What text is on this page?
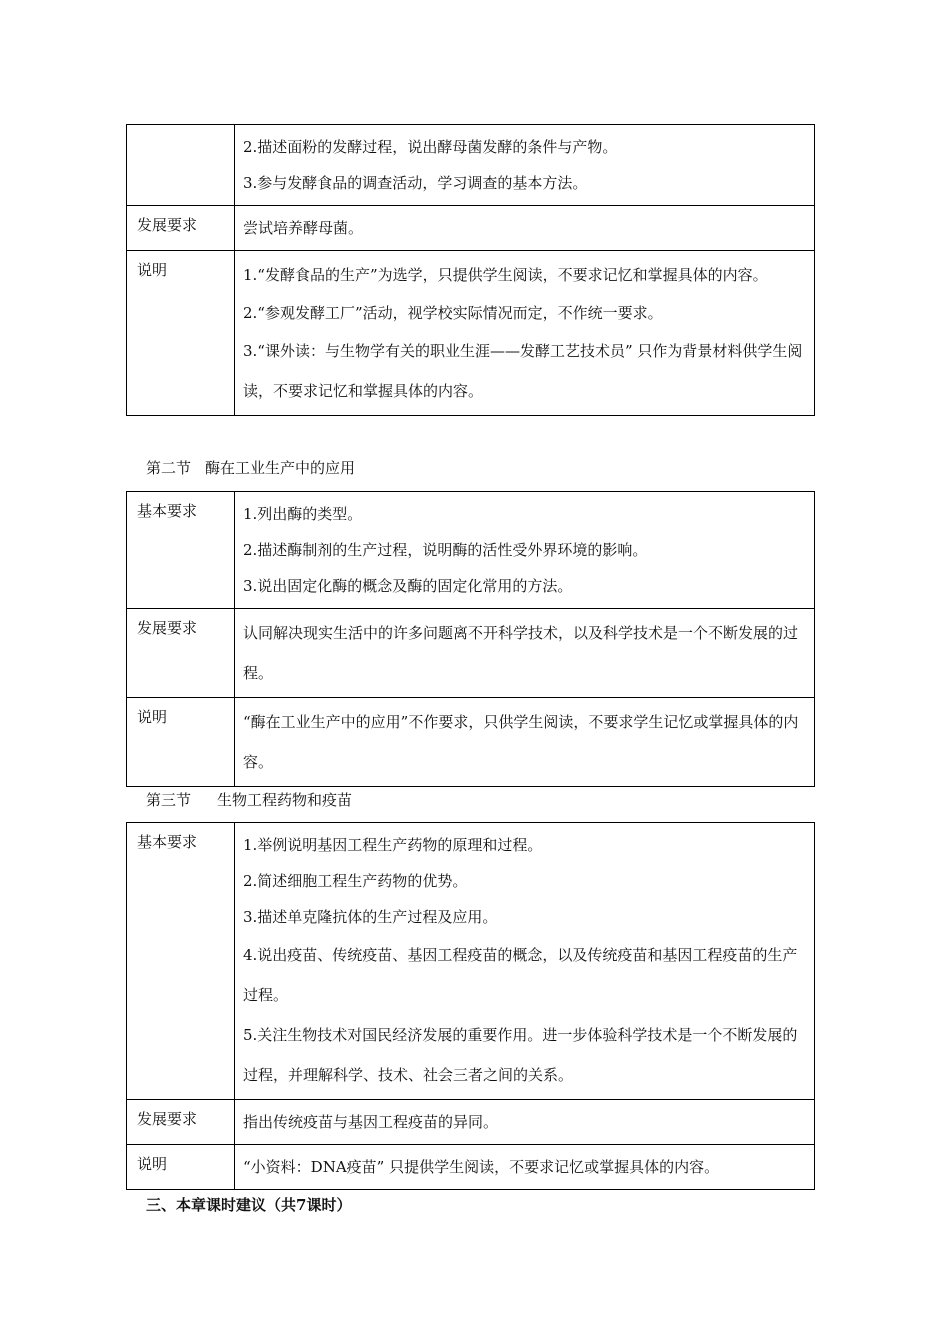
	2.描述面粉的发酵过程，说出酵母菌发酵的条件与产物。

3.参与发酵食品的调查活动，学习调查的基本方法。

发展要求	尝试培养酵母菌。

说明	1.“发酵食品的生产”为选学，只提供学生阅读，不要求记忆和掌握具体的内容。

2.“参观发酵工厂”活动，视学校实际情况而定，不作统一要求。

3.“课外读：与生物学有关的职业生涯——发酵工艺技术员” 只作为背景材料供学生阅读，不要求记忆和掌握具体的内容。

第二节 酶在工业生产中的应用

基本要求	1.列出酶的类型。

2.描述酶制剂的生产过程，说明酶的活性受外界环境的影响。

3.说出固定化酶的概念及酶的固定化常用的方法。

发展要求	认同解决现实生活中的许多问题离不开科学技术，以及科学技术是一个不断发展的过程。

说明	“酶在工业生产中的应用”不作要求，只供学生阅读，不要求学生记忆或掌握具体的内容。

第三节 生物工程药物和疫苗

基本要求	1.举例说明基因工程生产药物的原理和过程。

2.简述细胞工程生产药物的优势。

3.描述单克隆抗体的生产过程及应用。

4.说出疫苗、传统疫苗、基因工程疫苗的概念，以及传统疫苗和基因工程疫苗的生产过程。

5.关注生物技术对国民经济发展的重要作用。进一步体验科学技术是一个不断发展的过程，并理解科学、技术、社会三者之间的关系。

发展要求	指出传统疫苗与基因工程疫苗的异同。

说明	“小资料：DNA疫苗” 只提供学生阅读，不要求记忆或掌握具体的内容。

三、本章课时建议（共7课时）
